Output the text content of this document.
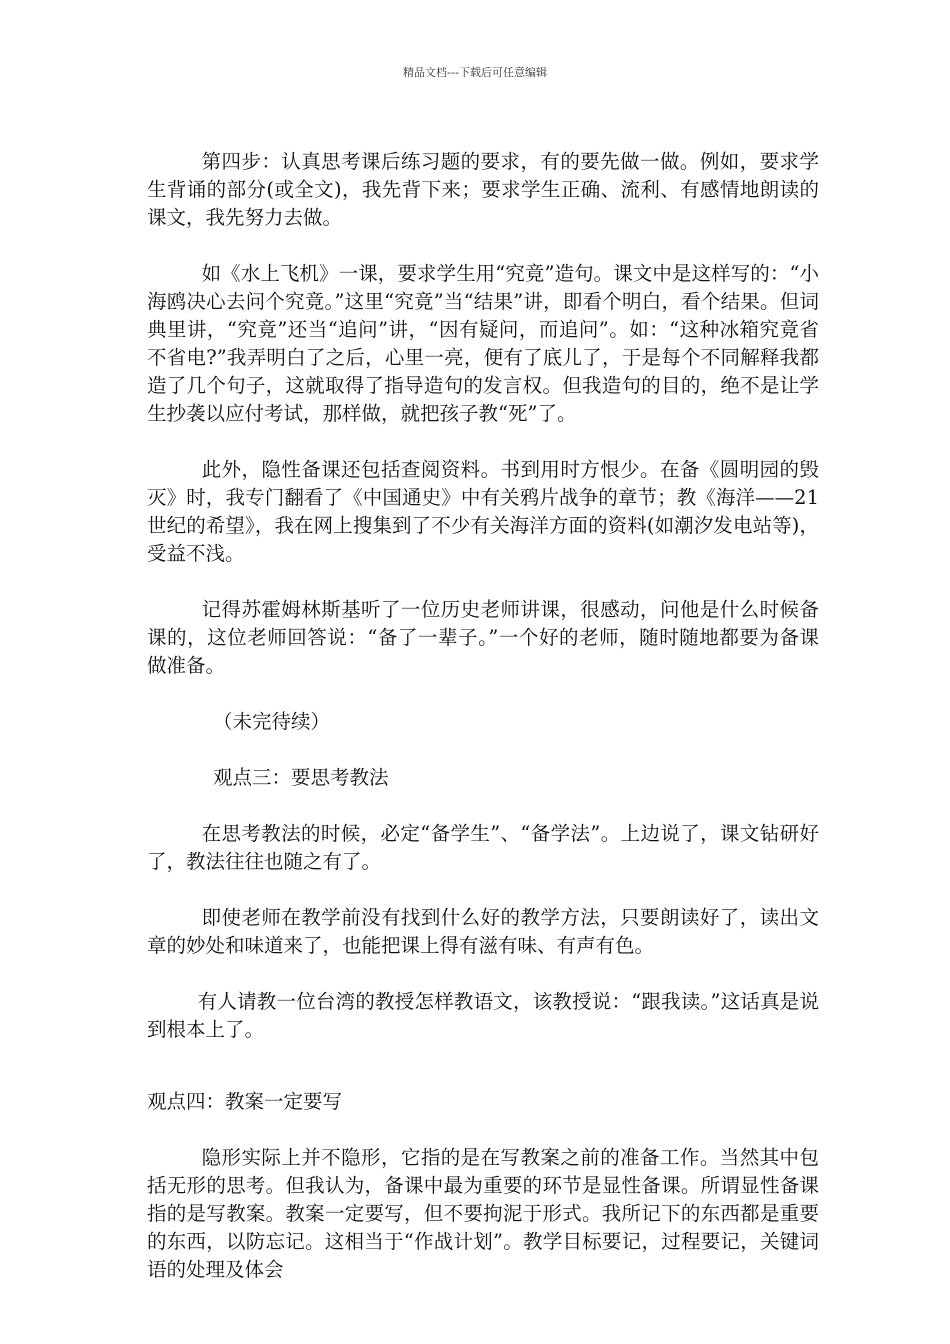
精品文档---下载后可任意编辑

第四步：认真思考课后练习题的要求，有的要先做一做。例如，要求学生背诵的部分(或全文)，我先背下来；要求学生正确、流利、有感情地朗读的课文，我先努力去做。

如《水上飞机》一课，要求学生用“究竟”造句。课文中是这样写的：“小海鸥决心去问个究竟。”这里“究竟”当“结果”讲，即看个明白，看个结果。但词典里讲，“究竟”还当“追问”讲，“因有疑问，而追问”。如：“这种冰箱究竟省不省电?”我弄明白了之后，心里一亮，便有了底儿了，于是每个不同解释我都造了几个句子，这就取得了指导造句的发言权。但我造句的目的，绝不是让学生抄袭以应付考试，那样做，就把孩子教“死”了。

此外，隐性备课还包括查阅资料。书到用时方恨少。在备《圆明园的毁灭》时，我专门翻看了《中国通史》中有关鸦片战争的章节；教《海洋——21世纪的希望》，我在网上搜集到了不少有关海洋方面的资料(如潮汐发电站等)，受益不浅。

记得苏霍姆林斯基听了一位历史老师讲课，很感动，问他是什么时候备课的，这位老师回答说：“备了一辈子。”一个好的老师，随时随地都要为备课做准备。

（未完待续）

观点三：要思考教法

在思考教法的时候，必定“备学生”、“备学法”。上边说了，课文钻研好了，教法往往也随之有了。

即使老师在教学前没有找到什么好的教学方法，只要朗读好了，读出文章的妙处和味道来了，也能把课上得有滋有味、有声有色。

有人请教一位台湾的教授怎样教语文，该教授说：“跟我读。”这话真是说到根本上了。

观点四：教案一定要写

隐形实际上并不隐形，它指的是在写教案之前的准备工作。当然其中包括无形的思考。但我认为，备课中最为重要的环节是显性备课。所谓显性备课指的是写教案。教案一定要写，但不要拘泥于形式。我所记下的东西都是重要的东西，以防忘记。这相当于“作战计划”。教学目标要记，过程要记，关键词语的处理及体会
